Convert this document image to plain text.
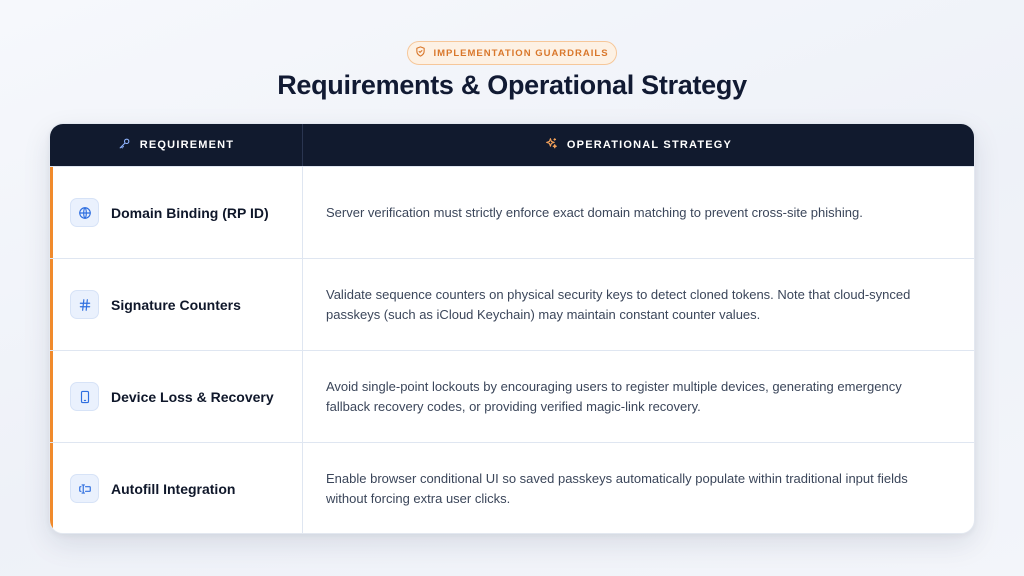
IMPLEMENTATION GUARDRAILS
Requirements & Operational Strategy
REQUIREMENT	OPERATIONAL STRATEGY
Domain Binding (RP ID)	Server verification must strictly enforce exact domain matching to prevent cross-site phishing.
Signature Counters
Validate sequence counters on physical security keys to detect cloned tokens. Note that cloud-synced passkeys (such as iCloud Keychain) may maintain constant counter values.
Device Loss & Recovery
Avoid single-point lockouts by encouraging users to register multiple devices, generating emergency fallback recovery codes, or providing verified magic-link recovery.
Autofill Integration
Enable browser conditional UI so saved passkeys automatically populate within traditional input fields without forcing extra user clicks.
